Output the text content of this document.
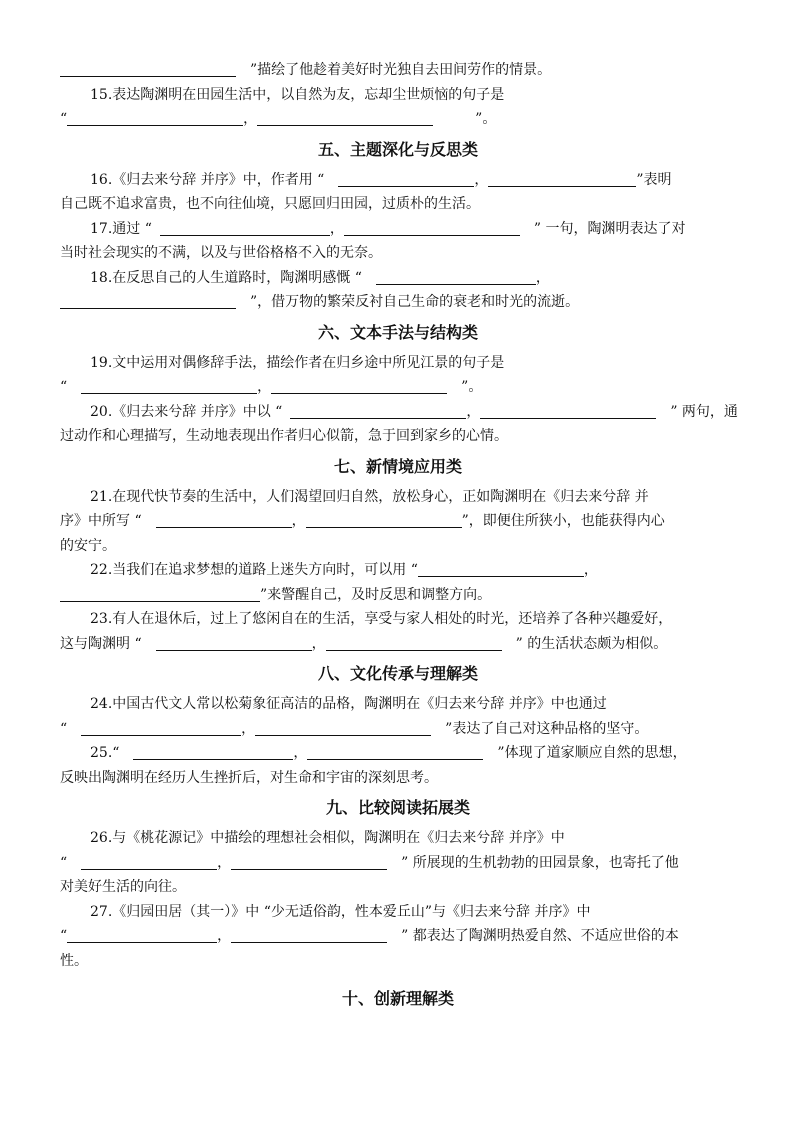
”描绘了他趁着美好时光独自去田间劳作的情景。
15.表达陶渊明在田园生活中，以自然为友，忘却尘世烦恼的句子是
“	，	”。
五、主题深化与反思类
16.《归去来兮辞 并序》中，作者用 “	，	”表明
自己既不追求富贵，也不向往仙境，只愿回归田园，过质朴的生活。
17.通过 “	，	” 一句，陶渊明表达了对
当时社会现实的不满，以及与世俗格格不入的无奈。
18.在反思自己的人生道路时，陶渊明感慨 “	，
”，借万物的繁荣反衬自己生命的衰老和时光的流逝。
六、文本手法与结构类
19.文中运用对偶修辞手法，描绘作者在归乡途中所见江景的句子是
“	，	”。
20.《归去来兮辞 并序》中以 “	，	” 两句，通
过动作和心理描写，生动地表现出作者归心似箭，急于回到家乡的心情。
七、新情境应用类
21.在现代快节奏的生活中，人们渴望回归自然，放松身心，正如陶渊明在《归去来兮辞 并
序》中所写 “	，	”，即便住所狭小，也能获得内心
的安宁。
22.当我们在追求梦想的道路上迷失方向时，可以用 “	，
”来警醒自己，及时反思和调整方向。
23.有人在退休后，过上了悠闲自在的生活，享受与家人相处的时光，还培养了各种兴趣爱好，
这与陶渊明 “	，	” 的生活状态颇为相似。
八、文化传承与理解类
24.中国古代文人常以松菊象征高洁的品格，陶渊明在《归去来兮辞 并序》中也通过
“	，	”表达了自己对这种品格的坚守。
25.“	，	”体现了道家顺应自然的思想，
反映出陶渊明在经历人生挫折后，对生命和宇宙的深刻思考。
九、比较阅读拓展类
26.与《桃花源记》中描绘的理想社会相似，陶渊明在《归去来兮辞 并序》中
“	，	” 所展现的生机勃勃的田园景象，也寄托了他
对美好生活的向往。
27.《归园田居（其一）》中 “少无适俗韵，性本爱丘山”与《归去来兮辞 并序》中
“	，	” 都表达了陶渊明热爱自然、不适应世俗的本
性。
十、创新理解类
